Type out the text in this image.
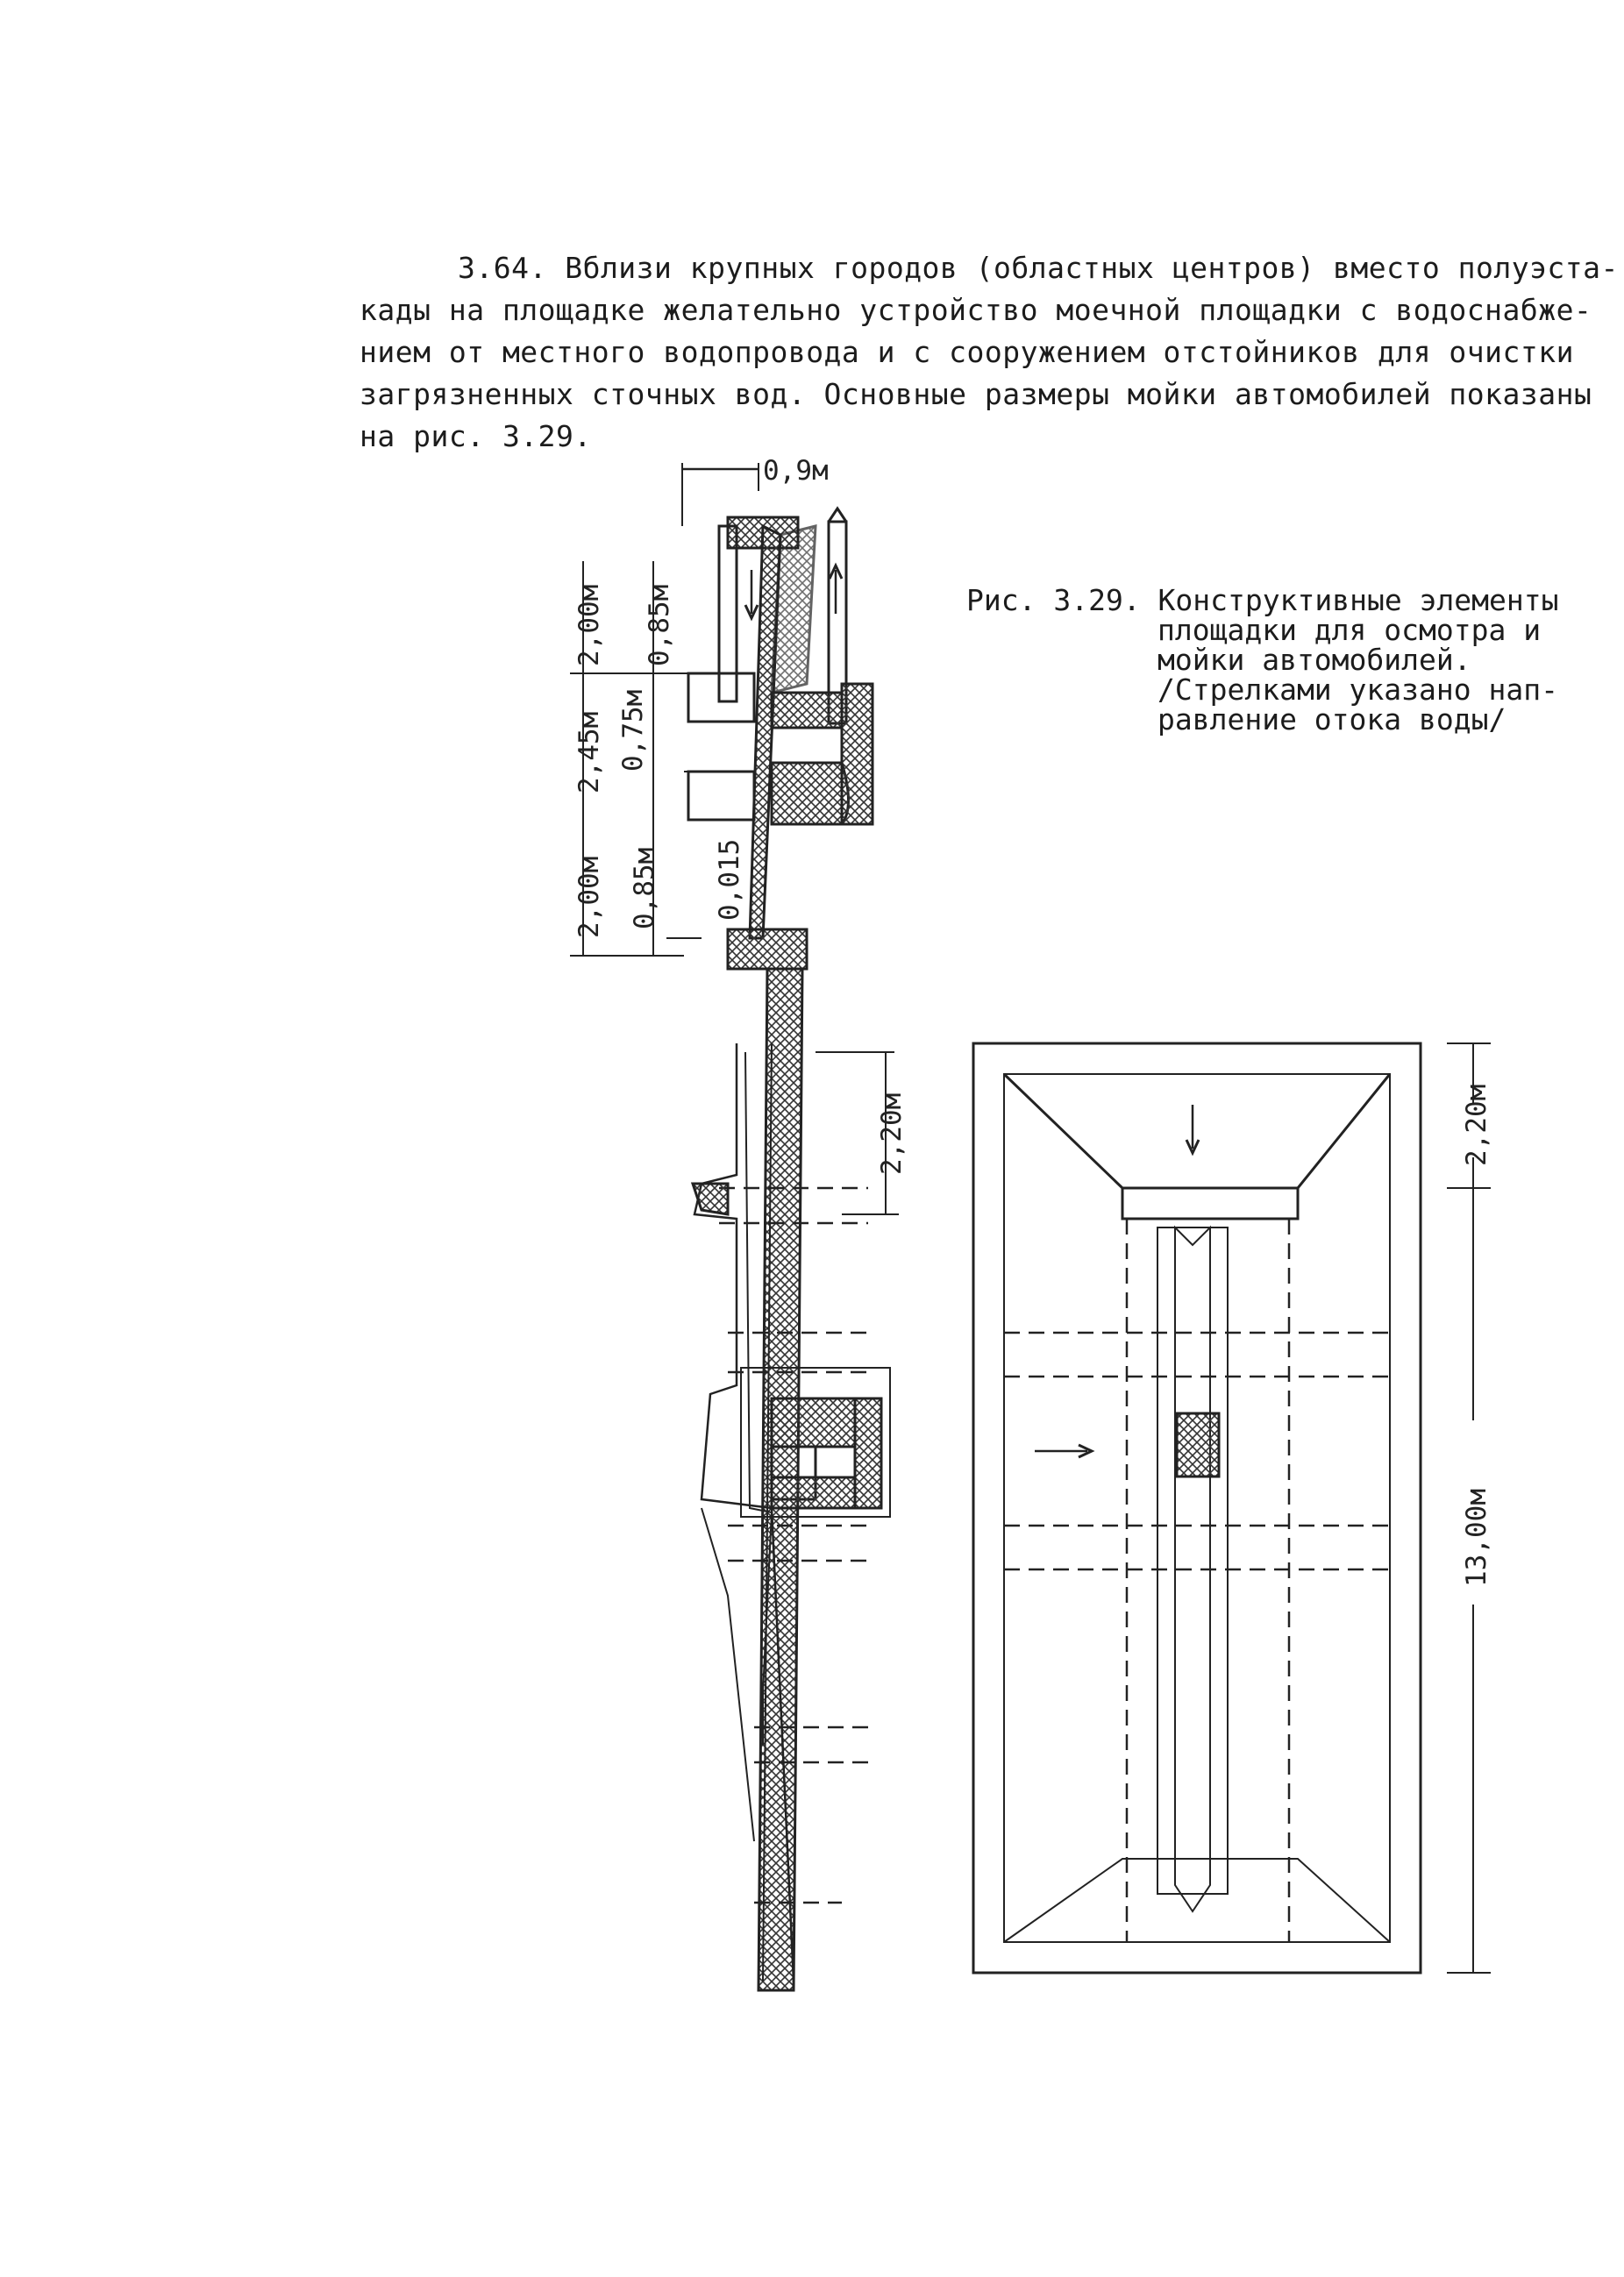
3.64. Вблизи крупных городов (областных центров) вместо полуэста-
кады на площадке желательно устройство моечной площадки с водоснабже-
нием от местного водопровода и с сооружением отстойников для очистки
загрязненных сточных вод. Основные размеры мойки автомобилей показаны
на рис. 3.29.
Рис. 3.29. Конструктивные элементы
площадки для осмотра и
мойки автомобилей.
/Стрелками указано нап-
равление отока воды/
0,9м
2,00м 0,85м
2,45м 0,75м
2,00м 0,85м 0,015
2,20м	2,20м
13,00м
